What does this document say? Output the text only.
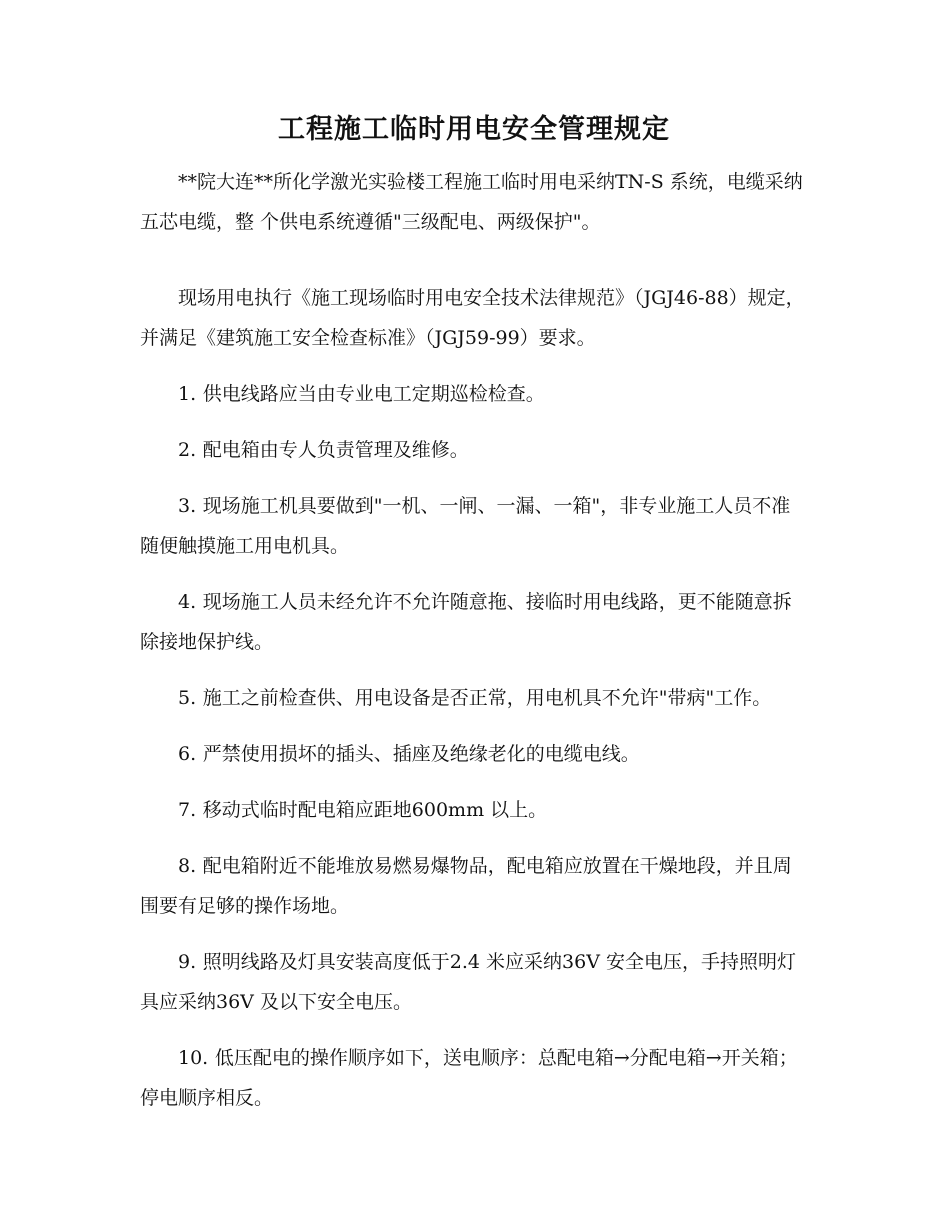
工程施工临时用电安全管理规定

**院大连**所化学激光实验楼工程施工临时用电采纳TN-S 系统，电缆采纳五芯电缆，整 个供电系统遵循"三级配电、两级保护"。

现场用电执行《施工现场临时用电安全技术法律规范》（JGJ46-88）规定，并满足《建筑施工安全检查标准》（JGJ59-99）要求。

1. 供电线路应当由专业电工定期巡检检查。

2. 配电箱由专人负责管理及维修。

3. 现场施工机具要做到"一机、一闸、一漏、一箱"，非专业施工人员不准随便触摸施工用电机具。

4. 现场施工人员未经允许不允许随意拖、接临时用电线路，更不能随意拆除接地保护线。

5. 施工之前检查供、用电设备是否正常，用电机具不允许"带病"工作。

6. 严禁使用损坏的插头、插座及绝缘老化的电缆电线。

7. 移动式临时配电箱应距地600mm 以上。

8. 配电箱附近不能堆放易燃易爆物品，配电箱应放置在干燥地段，并且周围要有足够的操作场地。

9. 照明线路及灯具安装高度低于2.4 米应采纳36V 安全电压，手持照明灯具应采纳36V 及以下安全电压。

10. 低压配电的操作顺序如下，送电顺序：总配电箱→分配电箱→开关箱；停电顺序相反。
